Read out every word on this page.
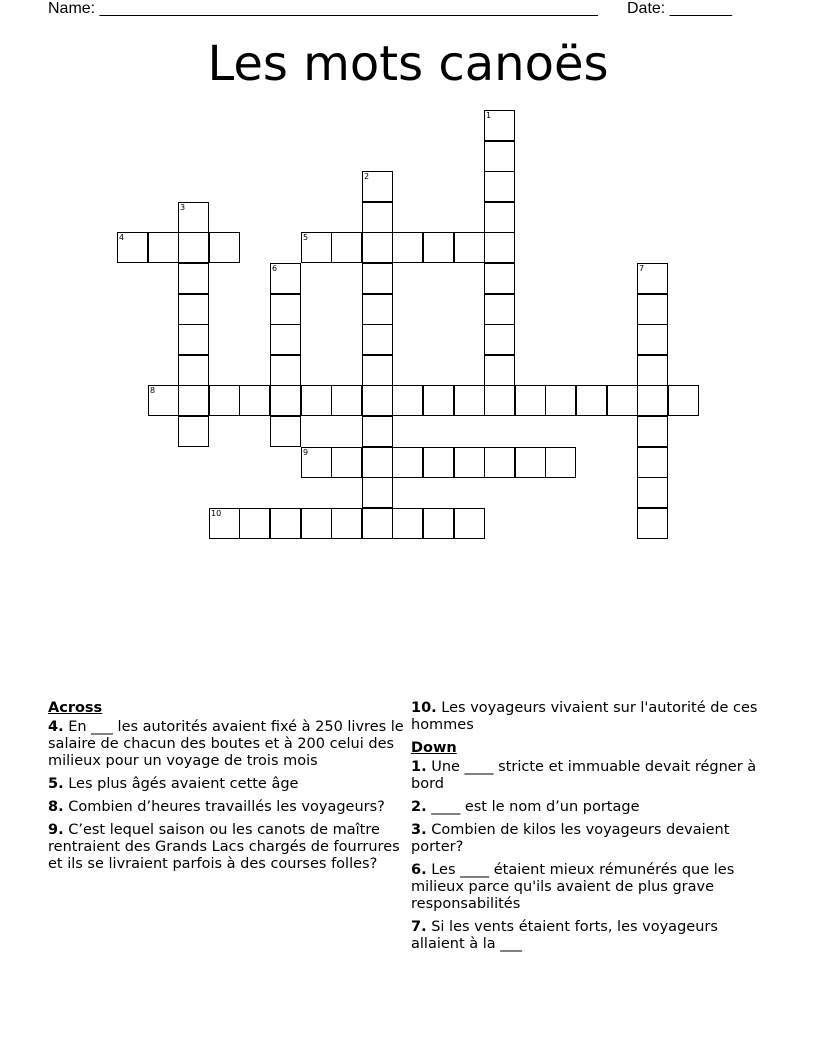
Name: ________________________________________________________ Date: _______
Les mots canoës
1
2
3
4	5
6	7
8
9
10
Across
4. En ___ les autorités avaient fixé à 250 livres le salaire de chacun des boutes et à 200 celui des milieux pour un voyage de trois mois
5. Les plus âgés avaient cette âge
8. Combien d’heures travaillés les voyageurs?
9. C’est lequel saison ou les canots de maître rentraient des Grands Lacs chargés de fourrures et ils se livraient parfois à des courses folles?
10. Les voyageurs vivaient sur l'autorité de ces hommes
Down
1. Une ____ stricte et immuable devait régner à bord
2. ____ est le nom d’un portage
3. Combien de kilos les voyageurs devaient porter?
6. Les ____ étaient mieux rémunérés que les milieux parce qu'ils avaient de plus grave responsabilités
7. Si les vents étaient forts, les voyageurs allaient à la ___
